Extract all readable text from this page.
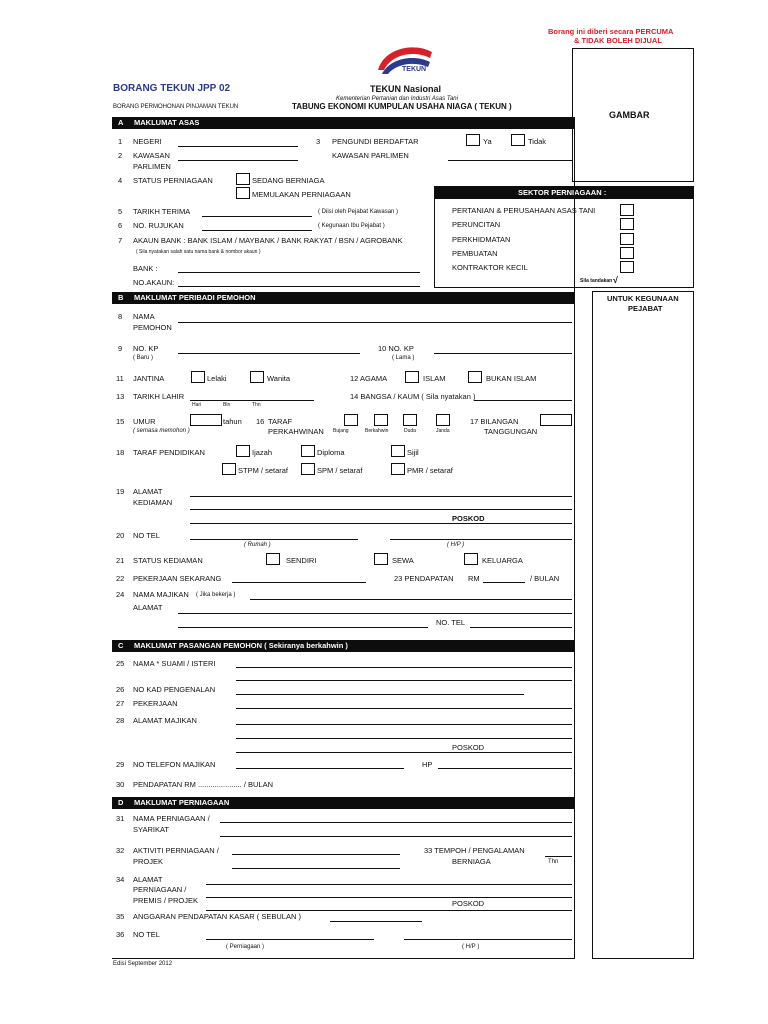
Borang ini diberi secara PERCUMA
& TIDAK BOLEH DIJUAL
TEKUN
BORANG TEKUN JPP 02	TEKUN Nasional
Kementerian Pertanian dan Industri Asas Tani
BORANG PERMOHONAN PINJAMAN TEKUN	TABUNG EKONOMI KUMPULAN USAHA NIAGA ( TEKUN )
GAMBAR
A MAKLUMAT ASAS
1 NEGERI	3 PENGUNDI BERDAFTAR	Ya	Tidak
2 KAWASAN
PARLIMEN
KAWASAN PARLIMEN
4 STATUS PERNIAGAAN	SEDANG BERNIAGA
MEMULAKAN PERNIAGAAN
5 TARIKH TERIMA	( Diisi oleh Pejabat Kawasan )
6 NO. RUJUKAN	( Kegunaan Ibu Pejabat )
7 AKAUN BANK : BANK ISLAM / MAYBANK / BANK RAKYAT / BSN / AGROBANK
( Sila nyatakan salah satu nama bank & nombor akaun )
BANK :
NO.AKAUN:
SEKTOR PERNIAGAAN :
PERTANIAN & PERUSAHAAN ASAS TANI
PERUNCITAN
PERKHIDMATAN
PEMBUATAN
KONTRAKTOR KECIL
Sila tandakan √
UNTUK KEGUNAAN
PEJABAT
B MAKLUMAT PERIBADI PEMOHON
8 NAMA
PEMOHON
9 NO. KP
( Baru )
10 NO. KP
( Lama )
11 JANTINA	Lelaki	Wanita	12 AGAMA	ISLAM	BUKAN ISLAM
13 TARIKH LAHIR
Hari	Bln	Thn
14 BANGSA / KAUM ( Sila nyatakan )
15 UMUR
( semasa memohon )
tahun 16 TARAF
PERKAHWINAN Bujang	Berkahwin	Duda	Janda
17 BILANGAN
TANGGUNGAN
18 TARAF PENDIDIKAN	Ijazah	Diploma	Sijil
STPM / setaraf	SPM / setaraf	PMR / setaraf
19 ALAMAT
KEDIAMAN
POSKOD
20 NO TEL
( Rumah )	( H/P )
21 STATUS KEDIAMAN	SENDIRI	SEWA	KELUARGA
22 PEKERJAAN SEKARANG	23 PENDAPATAN RM	/ BULAN
24 NAMA MAJIKAN ( Jika bekerja )
ALAMAT
NO. TEL
C MAKLUMAT PASANGAN PEMOHON ( Sekiranya berkahwin )
25 NAMA * SUAMI / ISTERI
26 NO KAD PENGENALAN
27 PEKERJAAN
28 ALAMAT MAJIKAN
POSKOD
29 NO TELEFON MAJIKAN	HP
30 PENDAPATAN RM ..................... / BULAN
D MAKLUMAT PERNIAGAAN
31 NAMA PERNIAGAAN /
SYARIKAT
32 AKTIVITI PERNIAGAAN /
PROJEK
33 TEMPOH / PENGALAMAN
BERNIAGA	Thn
34 ALAMAT
PERNIAGAAN /
PREMIS / PROJEK	POSKOD
35 ANGGARAN PENDAPATAN KASAR ( SEBULAN )
36 NO TEL
( Perniagaan )	( H/P )
Edisi September 2012
